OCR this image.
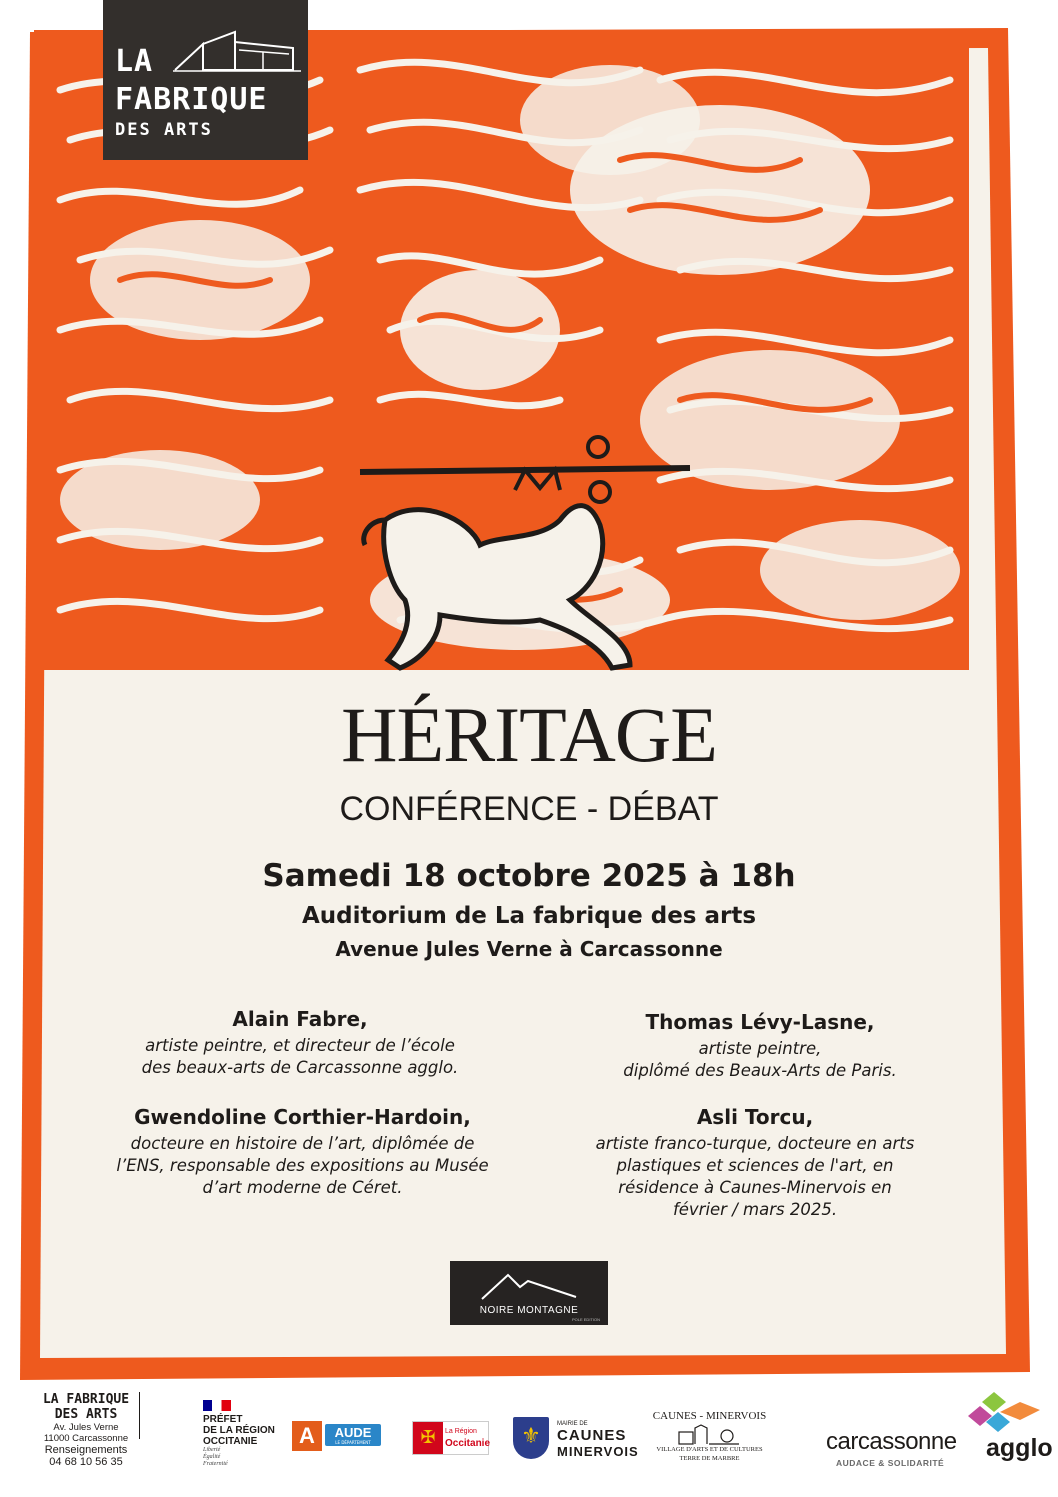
LA
FABRIQUE
DES ARTS
HÉRITAGE
CONFÉRENCE - DÉBAT
Samedi 18 octobre 2025 à 18h
Auditorium de La fabrique des arts
Avenue Jules Verne à Carcassonne
Alain Fabre,
artiste peintre, et directeur de l’école
des beaux-arts de Carcassonne agglo.
Gwendoline Corthier-Hardoin,
docteure en histoire de l’art, diplômée de
l’ENS, responsable des expositions au Musée
d’art moderne de Céret.
Thomas Lévy-Lasne,
artiste peintre,
diplômé des Beaux-Arts de Paris.
Asli Torcu,
artiste franco-turque, docteure en arts
plastiques et sciences de l'art, en
résidence à Caunes-Minervois en
février / mars 2025.
NOIRE MONTAGNE
POLE EDITION
LA FABRIQUE
DES ARTS
Av. Jules Verne
11000 Carcassonne
Renseignements
04 68 10 56 35
PRÉFET
DE LA RÉGION
OCCITANIE
Liberté
Égalité
Fraternité
A	AUDE
LE DÉPARTEMENT	✠	La Région
Occitanie	⚜	MAIRIE DE
CAUNES
MINERVOIS
CAUNES - MINERVOIS
VILLAGE D'ARTS ET DE CULTURES
TERRE DE MARBRE
carcassonne agglo
AUDACE & SOLIDARITÉ
